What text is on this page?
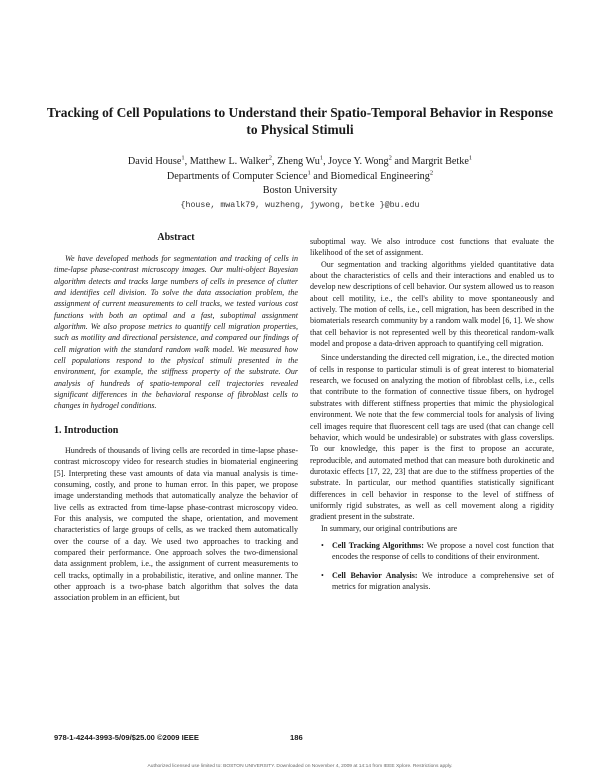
Tracking of Cell Populations to Understand their Spatio-Temporal Behavior in Response to Physical Stimuli
David House$^1$, Matthew L. Walker$^2$, Zheng Wu$^1$, Joyce Y. Wong$^2$ and Margrit Betke$^1$
Departments of Computer Science$^1$ and Biomedical Engineering$^2$
Boston University
{house, mwalk79, wuzheng, jywong, betke }@bu.edu
Abstract

We have developed methods for segmentation and tracking of cells in time-lapse phase-contrast microscopy images. Our multi-object Bayesian algorithm detects and tracks large numbers of cells in presence of clutter and identifies cell division. To solve the data association problem, the assignment of current measurements to cell tracks, we tested various cost functions with both an optimal and a fast, suboptimal assignment algorithm. We also propose metrics to quantify cell migration properties, such as motility and directional persistence, and compared our findings of cell migration with the standard random walk model. We measured how cell populations respond to the physical stimuli presented in the environment, for example, the stiffness property of the substrate. Our analysis of hundreds of spatio-temporal cell trajectories revealed significant differences in the behavioral response of fibroblast cells to changes in hydrogel conditions.

1. Introduction

Hundreds of thousands of living cells are recorded in time-lapse phase-contrast microscopy video for research studies in biomaterial engineering [5]. Interpreting these vast amounts of data via manual analysis is time-consuming, costly, and prone to human error. In this paper, we propose image understanding methods that automatically analyze the behavior of live cells as extracted from time-lapse phase-contrast microscopy video. For this analysis, we computed the shape, orientation, and movement characteristics of large groups of cells, as we tracked them automatically over the course of a day. We used two approaches to tracking and compared their performance. One approach solves the two-dimensional data assignment problem, i.e., the assignment of current measurements to cell tracks, optimally in a probabilistic, iterative, and online manner. The other approach is a two-phase batch algorithm that solves the data association problem in an efficient, but

suboptimal way. We also introduce cost functions that evaluate the likelihood of the set of assignment.

Our segmentation and tracking algorithms yielded quantitative data about the characteristics of cells and their interactions and enabled us to develop new descriptions of cell behavior. Our system allowed us to reason about cell motility, i.e., the cell's ability to move spontaneously and actively. The motion of cells, i.e., cell migration, has been described in the biomaterials research community by a random walk model [6, 1]. We show that cell behavior is not represented well by this theoretical random-walk model and propose a data-driven approach to quantifying cell migration.

Since understanding the directed cell migration, i.e., the directed motion of cells in response to particular stimuli is of great interest to biomaterial research, we focused on analyzing the motion of fibroblast cells, i.e., cells that contribute to the formation of connective tissue fibers, on hydrogel substrates with different stiffness properties that mimic the physiological environment. We note that the few commercial tools for analysis of living cell images require that fluorescent cell tags are used (that can change cell behavior, which would be undesirable) or substrates with glass coverslips. To our knowledge, this paper is the first to propose an accurate, reproducible, and automated method that can measure both durokinetic and durotaxic effects [17, 22, 23] that are due to the stiffness properties of the substrate. In particular, our method quantifies statistically significant differences in cell behavior in response to the level of stiffness of uniformly rigid substrates, as well as cell movement along a rigidity gradient present in the substrate.

In summary, our original contributions are

• Cell Tracking Algorithms: We propose a novel cost function that encodes the response of cells to conditions of their environment.
• Cell Behavior Analysis: We introduce a comprehensive set of metrics for migration analysis.
978-1-4244-3993-5/09/$25.00 ©2009 IEEE	186
Authorized licensed use limited to: BOSTON UNIVERSITY. Downloaded on November 4, 2009 at 14:14 from IEEE Xplore. Restrictions apply.
